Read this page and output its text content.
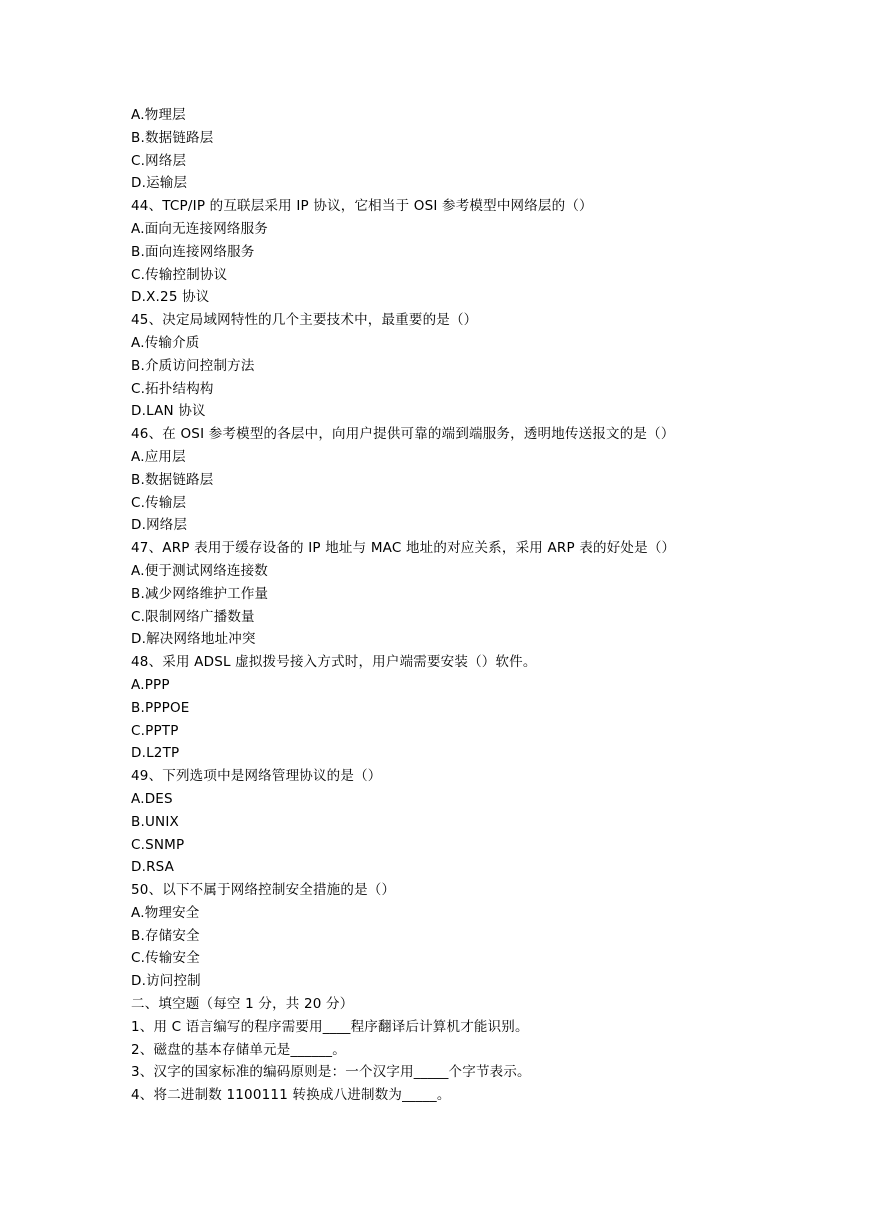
A.物理层
B.数据链路层
C.网络层
D.运输层
44、TCP/IP 的互联层采用 IP 协议，它相当于 OSI 参考模型中网络层的（）
A.面向无连接网络服务
B.面向连接网络服务
C.传输控制协议
D.X.25 协议
45、决定局域网特性的几个主要技术中，最重要的是（）
A.传输介质
B.介质访问控制方法
C.拓扑结构构
D.LAN 协议
46、在 OSI 参考模型的各层中，向用户提供可靠的端到端服务，透明地传送报文的是（）
A.应用层
B.数据链路层
C.传输层
D.网络层
47、ARP 表用于缓存设备的 IP 地址与 MAC 地址的对应关系，采用 ARP 表的好处是（）
A.便于测试网络连接数
B.减少网络维护工作量
C.限制网络广播数量
D.解决网络地址冲突
48、采用 ADSL 虚拟拨号接入方式时，用户端需要安装（）软件。
A.PPP
B.PPPOE
C.PPTP
D.L2TP
49、下列选项中是网络管理协议的是（）
A.DES
B.UNIX
C.SNMP
D.RSA
50、以下不属于网络控制安全措施的是（）
A.物理安全
B.存储安全
C.传输安全
D.访问控制
二、填空题（每空 1 分，共 20 分）
1、用 C 语言编写的程序需要用____程序翻译后计算机才能识别。
2、磁盘的基本存储单元是______。
3、汉字的国家标准的编码原则是：一个汉字用_____个字节表示。
4、将二进制数 1100111 转换成八进制数为_____。
